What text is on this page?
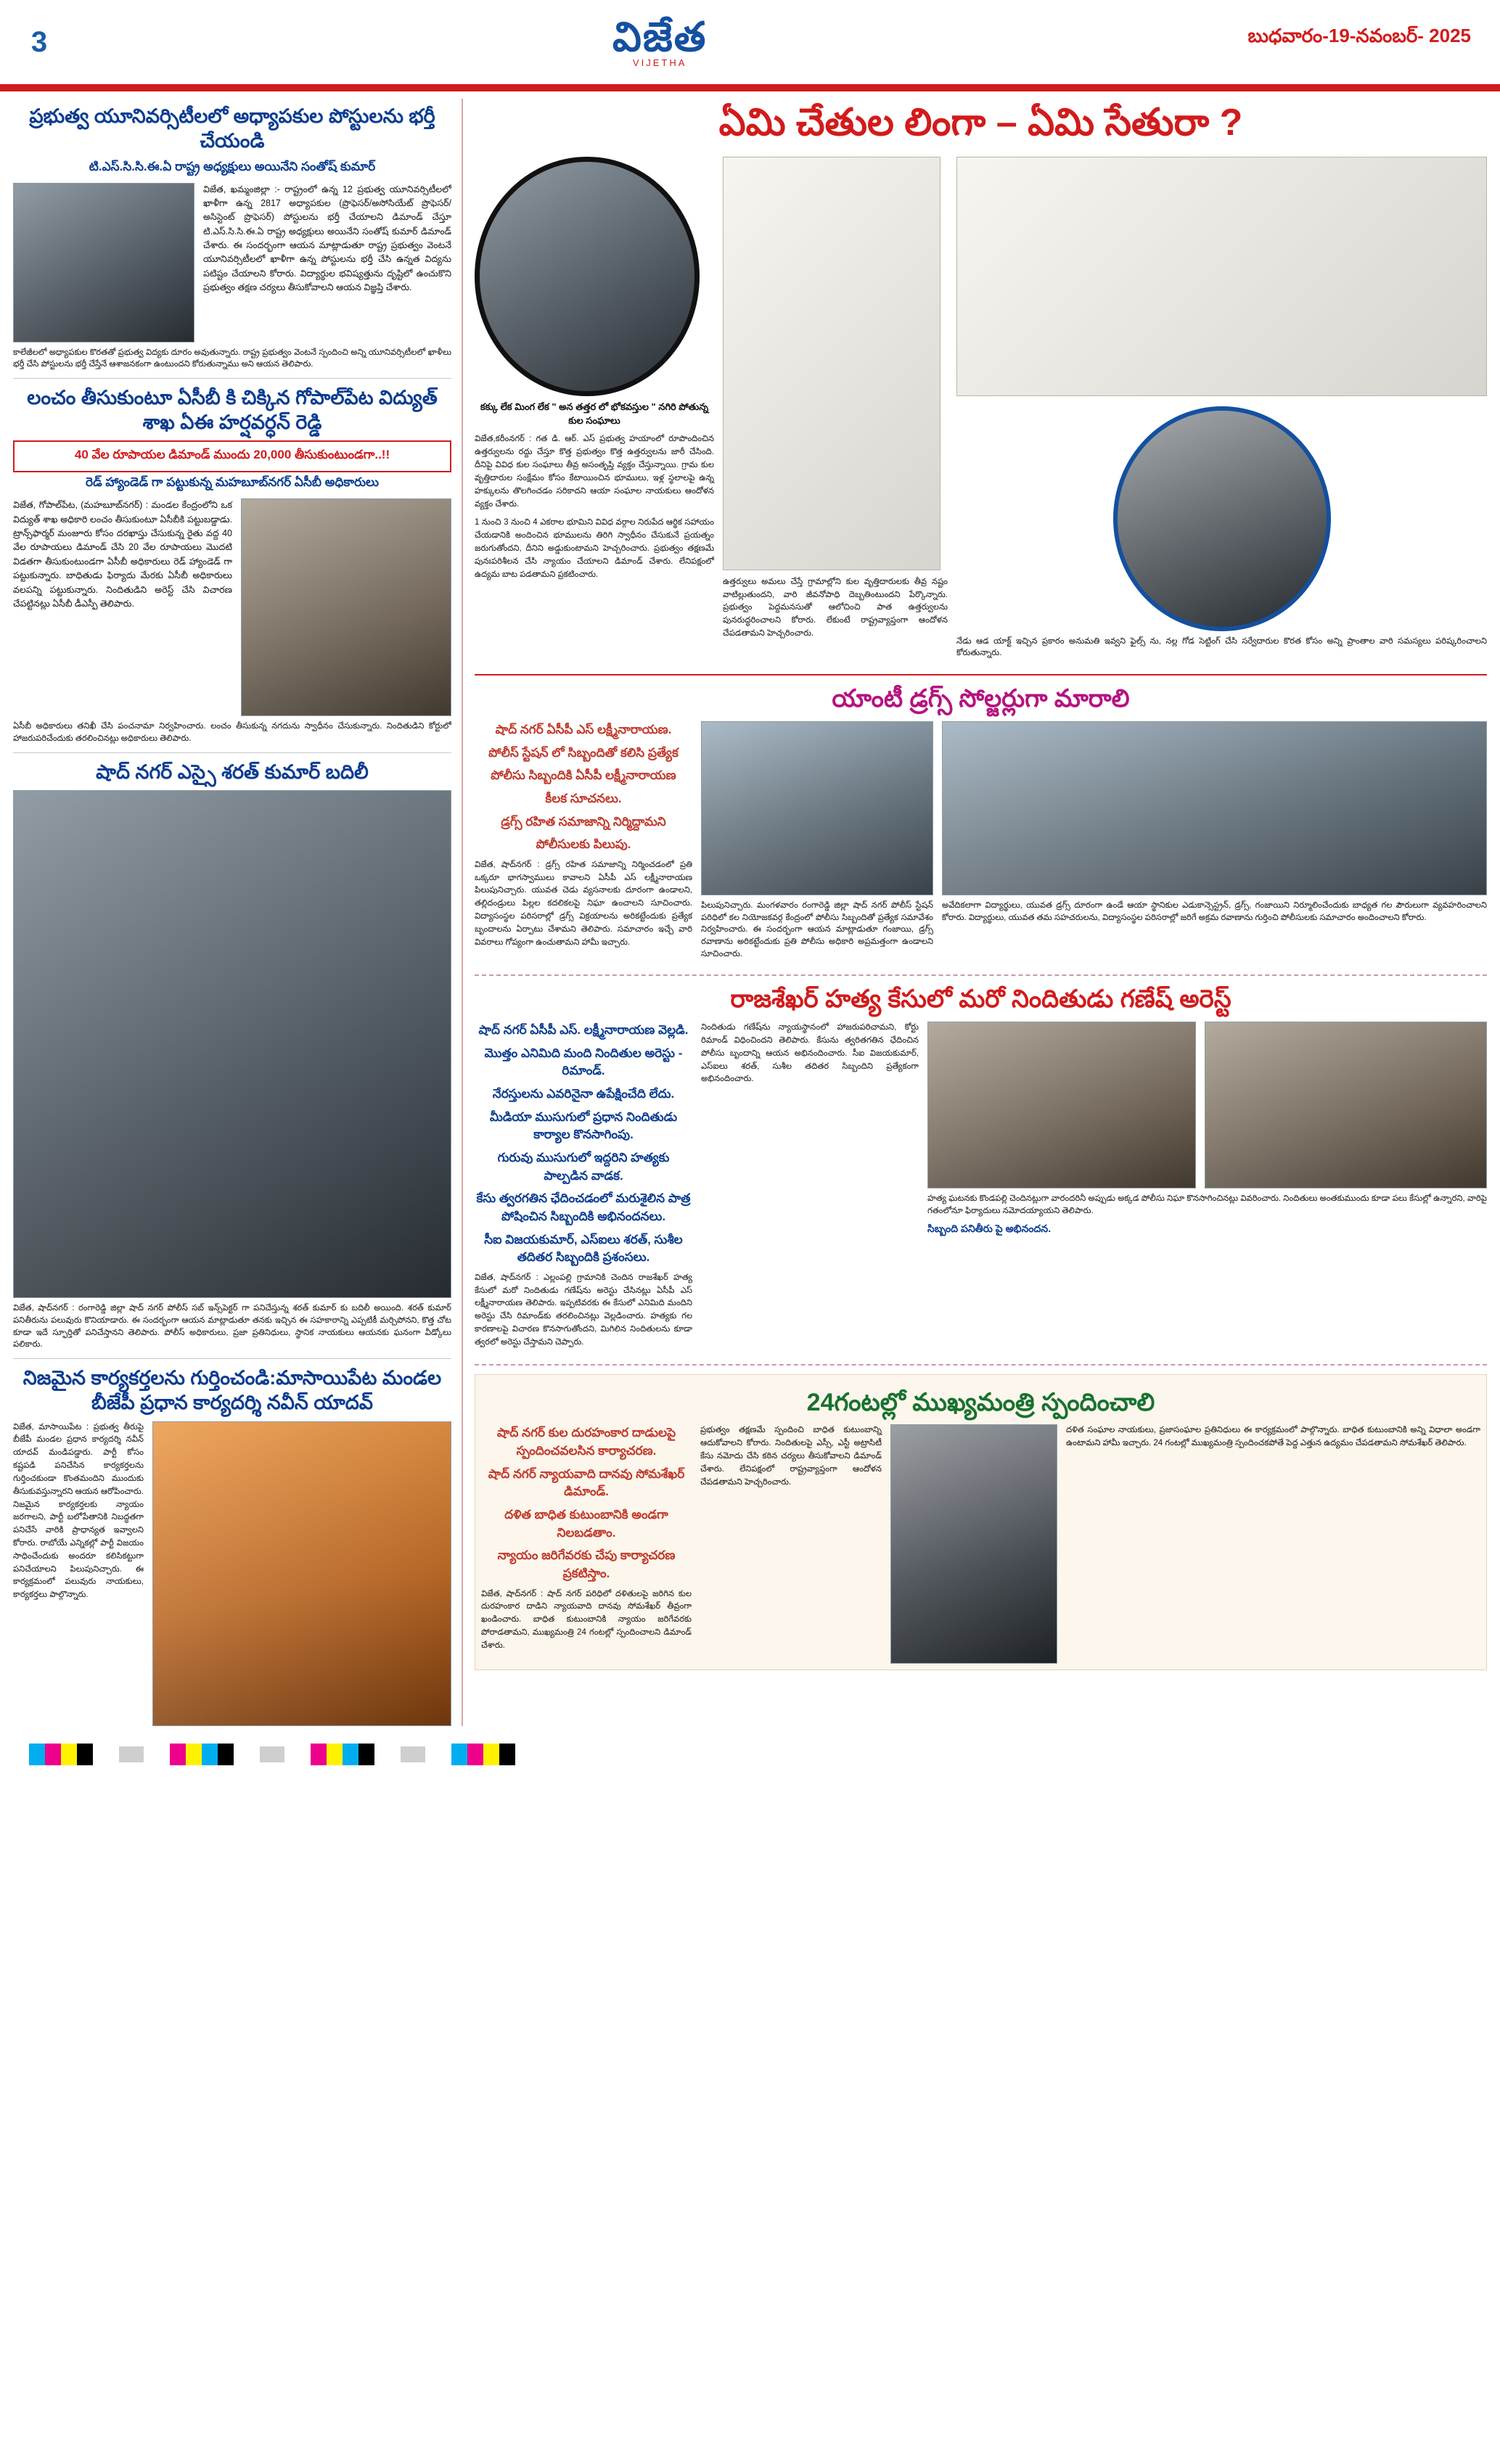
3	విజేత
VIJETHA
బుధవారం-19-నవంబర్- 2025
ప్రభుత్వ యూనివర్సిటీలలో అధ్యాపకుల పోస్టులను భర్తీ చేయండి
టి.ఎస్.సి.సి.ఈ.ఏ రాష్ట్ర అధ్యక్షులు అయినేని సంతోష్ కుమార్

విజేత, ఖమ్మంజిల్లా :- రాష్ట్రంలో ఉన్న 12 ప్రభుత్వ యూనివర్సిటీలలో ఖాళీగా ఉన్న 2817 అధ్యాపకుల (ప్రొఫెసర్/అసోసియేట్ ప్రొఫెసర్/అసిస్టెంట్ ప్రొఫెసర్) పోస్టులను భర్తీ చేయాలని డిమాండ్ చేస్తూ టి.ఎస్.సి.సి.ఈ.ఏ రాష్ట్ర అధ్యక్షులు అయినేని సంతోష్ కుమార్ డిమాండ్ చేశారు. ఈ సందర్భంగా ఆయన మాట్లాడుతూ రాష్ట్ర ప్రభుత్వం వెంటనే యూనివర్సిటీలలో ఖాళీగా ఉన్న పోస్టులను భర్తీ చేసి ఉన్నత విద్యను పటిష్టం చేయాలని కోరారు. విద్యార్థుల భవిష్యత్తును దృష్టిలో ఉంచుకొని ప్రభుత్వం తక్షణ చర్యలు తీసుకోవాలని ఆయన విజ్ఞప్తి చేశారు.

కాలేజీలలో అధ్యాపకుల కొరతతో ప్రభుత్వ విద్యకు దూరం అవుతున్నారు. రాష్ట్ర ప్రభుత్వం వెంటనే స్పందించి అన్ని యూనివర్సిటీలలో ఖాళీలు భర్తీ చేసి పోస్టులను భర్తీ చేస్తేనే ఆశాజనకంగా ఉంటుందని కోరుతున్నాము అని ఆయన తెలిపారు.

లంచం తీసుకుంటూ ఏసీబీ కి చిక్కిన గోపాల్‌పేట విద్యుత్ శాఖ ఏఈ హర్షవర్ధన్ రెడ్డి
40 వేల రూపాయల డిమాండ్ ముందు 20,000 తీసుకుంటుండగా..!!
రెడ్ హ్యాండెడ్ గా పట్టుకున్న మహబూబ్‌నగర్ ఏసీబీ అధికారులు

విజేత, గోపాల్‌పేట, (మహబూబ్‌నగర్) : మండల కేంద్రంలోని ఒక విద్యుత్ శాఖ అధికారి లంచం తీసుకుంటూ ఏసీబీకి పట్టుబడ్డాడు. ట్రాన్స్‌ఫార్మర్ మంజూరు కోసం దరఖాస్తు చేసుకున్న రైతు వద్ద 40 వేల రూపాయలు డిమాండ్ చేసి 20 వేల రూపాయలు మొదటి విడతగా తీసుకుంటుండగా ఏసీబీ అధికారులు రెడ్ హ్యాండెడ్ గా పట్టుకున్నారు. బాధితుడు ఫిర్యాదు మేరకు ఏసీబీ అధికారులు వలపన్ని పట్టుకున్నారు. నిందితుడిని అరెస్ట్ చేసి విచారణ చేపట్టినట్లు ఏసీబీ డీఎస్పీ తెలిపారు.

ఏసీబీ అధికారులు తనిఖీ చేసి పంచనామా నిర్వహించారు. లంచం తీసుకున్న నగదును స్వాధీనం చేసుకున్నారు. నిందితుడిని కోర్టులో హాజరుపరిచేందుకు తరలించినట్లు అధికారులు తెలిపారు.

షాద్ నగర్ ఎస్సై శరత్ కుమార్ బదిలీ

విజేత, షాద్‌నగర్ : రంగారెడ్డి జిల్లా షాద్ నగర్ పోలీస్ సబ్ ఇన్స్‌పెక్టర్ గా పనిచేస్తున్న శరత్ కుమార్ కు బదిలీ అయింది. శరత్ కుమార్ పనితీరును పలువురు కొనియాడారు. ఈ సందర్భంగా ఆయన మాట్లాడుతూ తనకు ఇచ్చిన ఈ సహకారాన్ని ఎప్పటికీ మర్చిపోనని, కొత్త చోట కూడా ఇదే స్ఫూర్తితో పనిచేస్తానని తెలిపారు. పోలీస్ అధికారులు, ప్రజా ప్రతినిధులు, స్థానిక నాయకులు ఆయనకు ఘనంగా వీడ్కోలు పలికారు.

నిజమైన కార్యకర్తలను గుర్తించండి:మాసాయిపేట మండల బీజేపీ ప్రధాన కార్యదర్శి నవీన్ యాదవ్

విజేత, మాసాయిపేట : ప్రభుత్వ తీరుపై బీజేపీ మండల ప్రధాన కార్యదర్శి నవీన్ యాదవ్ మండిపడ్డారు. పార్టీ కోసం కష్టపడి పనిచేసిన కార్యకర్తలను గుర్తించకుండా కొంతమందిని ముందుకు తీసుకువస్తున్నారని ఆయన ఆరోపించారు. నిజమైన కార్యకర్తలకు న్యాయం జరగాలని, పార్టీ బలోపేతానికి నిబద్ధతగా పనిచేసే వారికి ప్రాధాన్యత ఇవ్వాలని కోరారు. రాబోయే ఎన్నికల్లో పార్టీ విజయం సాధించేందుకు అందరూ కలిసికట్టుగా పనిచేయాలని పిలుపునిచ్చారు. ఈ కార్యక్రమంలో పలువురు నాయకులు, కార్యకర్తలు పాల్గొన్నారు.

ఏమి చేతుల లింగా – ఏమి సేతురా ?

కక్కు లేక మింగ లేక " అన తత్తర లో భోకవస్తుల " నగిరి పోతున్న కుల సంఘాలు

విజేత,కరీంనగర్ : గత డి. ఆర్. ఎస్ ప్రభుత్వ హయాంలో రూపొందించిన ఉత్తర్వులను రద్దు చేస్తూ కొత్త ప్రభుత్వం కొత్త ఉత్తర్వులను జారీ చేసింది. దీనిపై వివిధ కుల సంఘాలు తీవ్ర అసంతృప్తి వ్యక్తం చేస్తున్నాయి. గ్రామ కుల వృత్తిదారుల సంక్షేమం కోసం కేటాయించిన భూములు, ఇళ్ల స్థలాలపై ఉన్న హక్కులను తొలగించడం సరికాదని ఆయా సంఘాల నాయకులు ఆందోళన వ్యక్తం చేశారు.

1 నుంచి 3 నుంచి 4 ఎకరాల భూమిని వివిధ వర్గాల నిరుపేద ఆర్థిక సహాయం చేయడానికి అందించిన భూములను తిరిగి స్వాధీనం చేసుకునే ప్రయత్నం జరుగుతోందని, దీనిని అడ్డుకుంటామని హెచ్చరించారు. ప్రభుత్వం తక్షణమే పునఃపరిశీలన చేసి న్యాయం చేయాలని డిమాండ్ చేశారు. లేనిపక్షంలో ఉద్యమ బాట పడతామని ప్రకటించారు.

ఉత్తర్వులు అమలు చేస్తే గ్రామాల్లోని కుల వృత్తిదారులకు తీవ్ర నష్టం వాటిల్లుతుందని, వారి జీవనోపాధి దెబ్బతింటుందని పేర్కొన్నారు. ప్రభుత్వం పెద్దమనసుతో ఆలోచించి పాత ఉత్తర్వులను పునరుద్ధరించాలని కోరారు. లేకుంటే రాష్ట్రవ్యాప్తంగా ఆందోళన చేపడతామని హెచ్చరించారు.

నేడు ఆడ యాక్ట్ ఇచ్చిన ప్రకారం అనుమతి ఇవ్వని ఫైల్స్ ను, నల్ల గోడ సెట్టింగ్ చేసి సర్వేదారుల కొరత కోసం అన్ని ప్రాంతాల వారి సమస్యలు పరిష్కరించాలని కోరుతున్నారు.

యాంటీ డ్రగ్స్ సోల్జర్లుగా మారాలి
షాద్ నగర్ ఏసీపీ ఎస్ లక్ష్మీనారాయణ.
పోలీస్ స్టేషన్ లో సిబ్బందితో కలిసి ప్రత్యేక
పోలీసు సిబ్బందికి ఏసీపీ లక్ష్మీనారాయణ
కీలక సూచనలు.
డ్రగ్స్ రహిత సమాజాన్ని నిర్మిద్దామని
పోలీసులకు పిలుపు.

విజేత, షాద్‌నగర్ : డ్రగ్స్ రహిత సమాజాన్ని నిర్మించడంలో ప్రతి ఒక్కరూ భాగస్వాములు కావాలని ఏసీపీ ఎస్ లక్ష్మీనారాయణ పిలుపునిచ్చారు. యువత చెడు వ్యసనాలకు దూరంగా ఉండాలని, తల్లిదండ్రులు పిల్లల కదలికలపై నిఘా ఉంచాలని సూచించారు. విద్యాసంస్థల పరిసరాల్లో డ్రగ్స్ విక్రయాలను అరికట్టేందుకు ప్రత్యేక బృందాలను ఏర్పాటు చేశామని తెలిపారు. సమాచారం ఇచ్చే వారి వివరాలు గోప్యంగా ఉంచుతామని హామీ ఇచ్చారు.

పిలుపునిచ్చారు. మంగళవారం రంగారెడ్డి జిల్లా షాద్ నగర్ పోలీస్ స్టేషన్ పరిధిలో కల నియోజకవర్గ కేంద్రంలో పోలీసు సిబ్బందితో ప్రత్యేక సమావేశం నిర్వహించారు. ఈ సందర్భంగా ఆయన మాట్లాడుతూ గంజాయి, డ్రగ్స్ రవాణాను అరికట్టేందుకు ప్రతి పోలీసు అధికారి అప్రమత్తంగా ఉండాలని సూచించారు.

అవేదికలాగా విద్యార్థులు, యువత డ్రగ్స్ దూరంగా ఉండే ఆయా స్థానికుల ఎడుకాన్సెస్ట్రన్, డ్రగ్స్, గంజాయిని నిర్మూలించేందుకు బాధ్యత గల పౌరులుగా వ్యవహరించాలని కోరారు. విద్యార్థులు, యువత తమ సహచరులను, విద్యాసంస్థల పరిసరాల్లో జరిగే అక్రమ రవాణాను గుర్తించి పోలీసులకు సమాచారం అందించాలని కోరారు.

రాజశేఖర్ హత్య కేసులో మరో నిందితుడు గణేష్ అరెస్ట్
షాద్ నగర్ ఏసీపీ ఎస్. లక్ష్మీనారాయణ వెల్లడి.
మొత్తం ఎనిమిది మంది నిందితుల అరెస్టు - రిమాండ్.
నేరస్తులను ఎవరినైనా ఉపేక్షించేది లేదు.
మీడియా ముసుగులో ప్రధాన నిందితుడు కార్యాల కొనసాగింపు.
గురువు ముసుగులో ఇద్దరిని హత్యకు పాల్పడిన వాడక.
కేసు త్వరగతిన ఛేదించడంలో మరుశైలిన పాత్ర పోషించిన సిబ్బందికి అభినందనలు.
సీఐ విజయకుమార్, ఎస్ఐలు శరత్, సుశీల తదితర సిబ్బందికి ప్రశంసలు.

విజేత, షాద్‌నగర్ : ఎల్లంపల్లి గ్రామానికి చెందిన రాజశేఖర్ హత్య కేసులో మరో నిందితుడు గణేష్‌ను అరెస్టు చేసినట్లు ఏసీపీ ఎస్ లక్ష్మీనారాయణ తెలిపారు. ఇప్పటివరకు ఈ కేసులో ఎనిమిది మందిని అరెస్టు చేసి రిమాండ్‌కు తరలించినట్లు వెల్లడించారు. హత్యకు గల కారణాలపై విచారణ కొనసాగుతోందని, మిగిలిన నిందితులను కూడా త్వరలో అరెస్టు చేస్తామని చెప్పారు.

నిందితుడు గణేష్‌ను న్యాయస్థానంలో హాజరుపరిచామని, కోర్టు రిమాండ్ విధించిందని తెలిపారు. కేసును త్వరితగతిన ఛేదించిన పోలీసు బృందాన్ని ఆయన అభినందించారు. సీఐ విజయకుమార్, ఎస్ఐలు శరత్, సుశీల తదితర సిబ్బందిని ప్రత్యేకంగా అభినందించారు.

హత్య ఘటనకు కొండపల్లి చెందినట్లుగా వారందరినీ అప్పుడు అక్కడ పోలీసు నిఘా కొనసాగించినట్లు వివరించారు. నిందితులు అంతకుముందు కూడా పలు కేసుల్లో ఉన్నారని, వారిపై గతంలోనూ ఫిర్యాదులు నమోదయ్యాయని తెలిపారు.

సిబ్బంది పనితీరు పై అభినందన.
24గంటల్లో ముఖ్యమంత్రి స్పందించాలి
షాద్ నగర్ కుల దురహంకార దాడులపై స్పందించవలసిన కార్యాచరణ.
షాద్ నగర్ న్యాయవాది దానవు సోమశేఖర్ డిమాండ్.
దళిత బాధిత కుటుంబానికి అండగా నిలబడతాం.
న్యాయం జరిగేవరకు చేపు కార్యాచరణ ప్రకటిస్తాం.

విజేత, షాద్‌నగర్ : షాద్ నగర్ పరిధిలో దళితులపై జరిగిన కుల దురహంకార దాడిని న్యాయవాది దానవు సోమశేఖర్ తీవ్రంగా ఖండించారు. బాధిత కుటుంబానికి న్యాయం జరిగేవరకు పోరాడతామని, ముఖ్యమంత్రి 24 గంటల్లో స్పందించాలని డిమాండ్ చేశారు.

ప్రభుత్వం తక్షణమే స్పందించి బాధిత కుటుంబాన్ని ఆదుకోవాలని కోరారు. నిందితులపై ఎస్సీ, ఎస్టీ అట్రాసిటీ కేసు నమోదు చేసి కఠిన చర్యలు తీసుకోవాలని డిమాండ్ చేశారు. లేనిపక్షంలో రాష్ట్రవ్యాప్తంగా ఆందోళన చేపడతామని హెచ్చరించారు.

దళిత సంఘాల నాయకులు, ప్రజాసంఘాల ప్రతినిధులు ఈ కార్యక్రమంలో పాల్గొన్నారు. బాధిత కుటుంబానికి అన్ని విధాలా అండగా ఉంటామని హామీ ఇచ్చారు. 24 గంటల్లో ముఖ్యమంత్రి స్పందించకపోతే పెద్ద ఎత్తున ఉద్యమం చేపడతామని సోమశేఖర్ తెలిపారు.
